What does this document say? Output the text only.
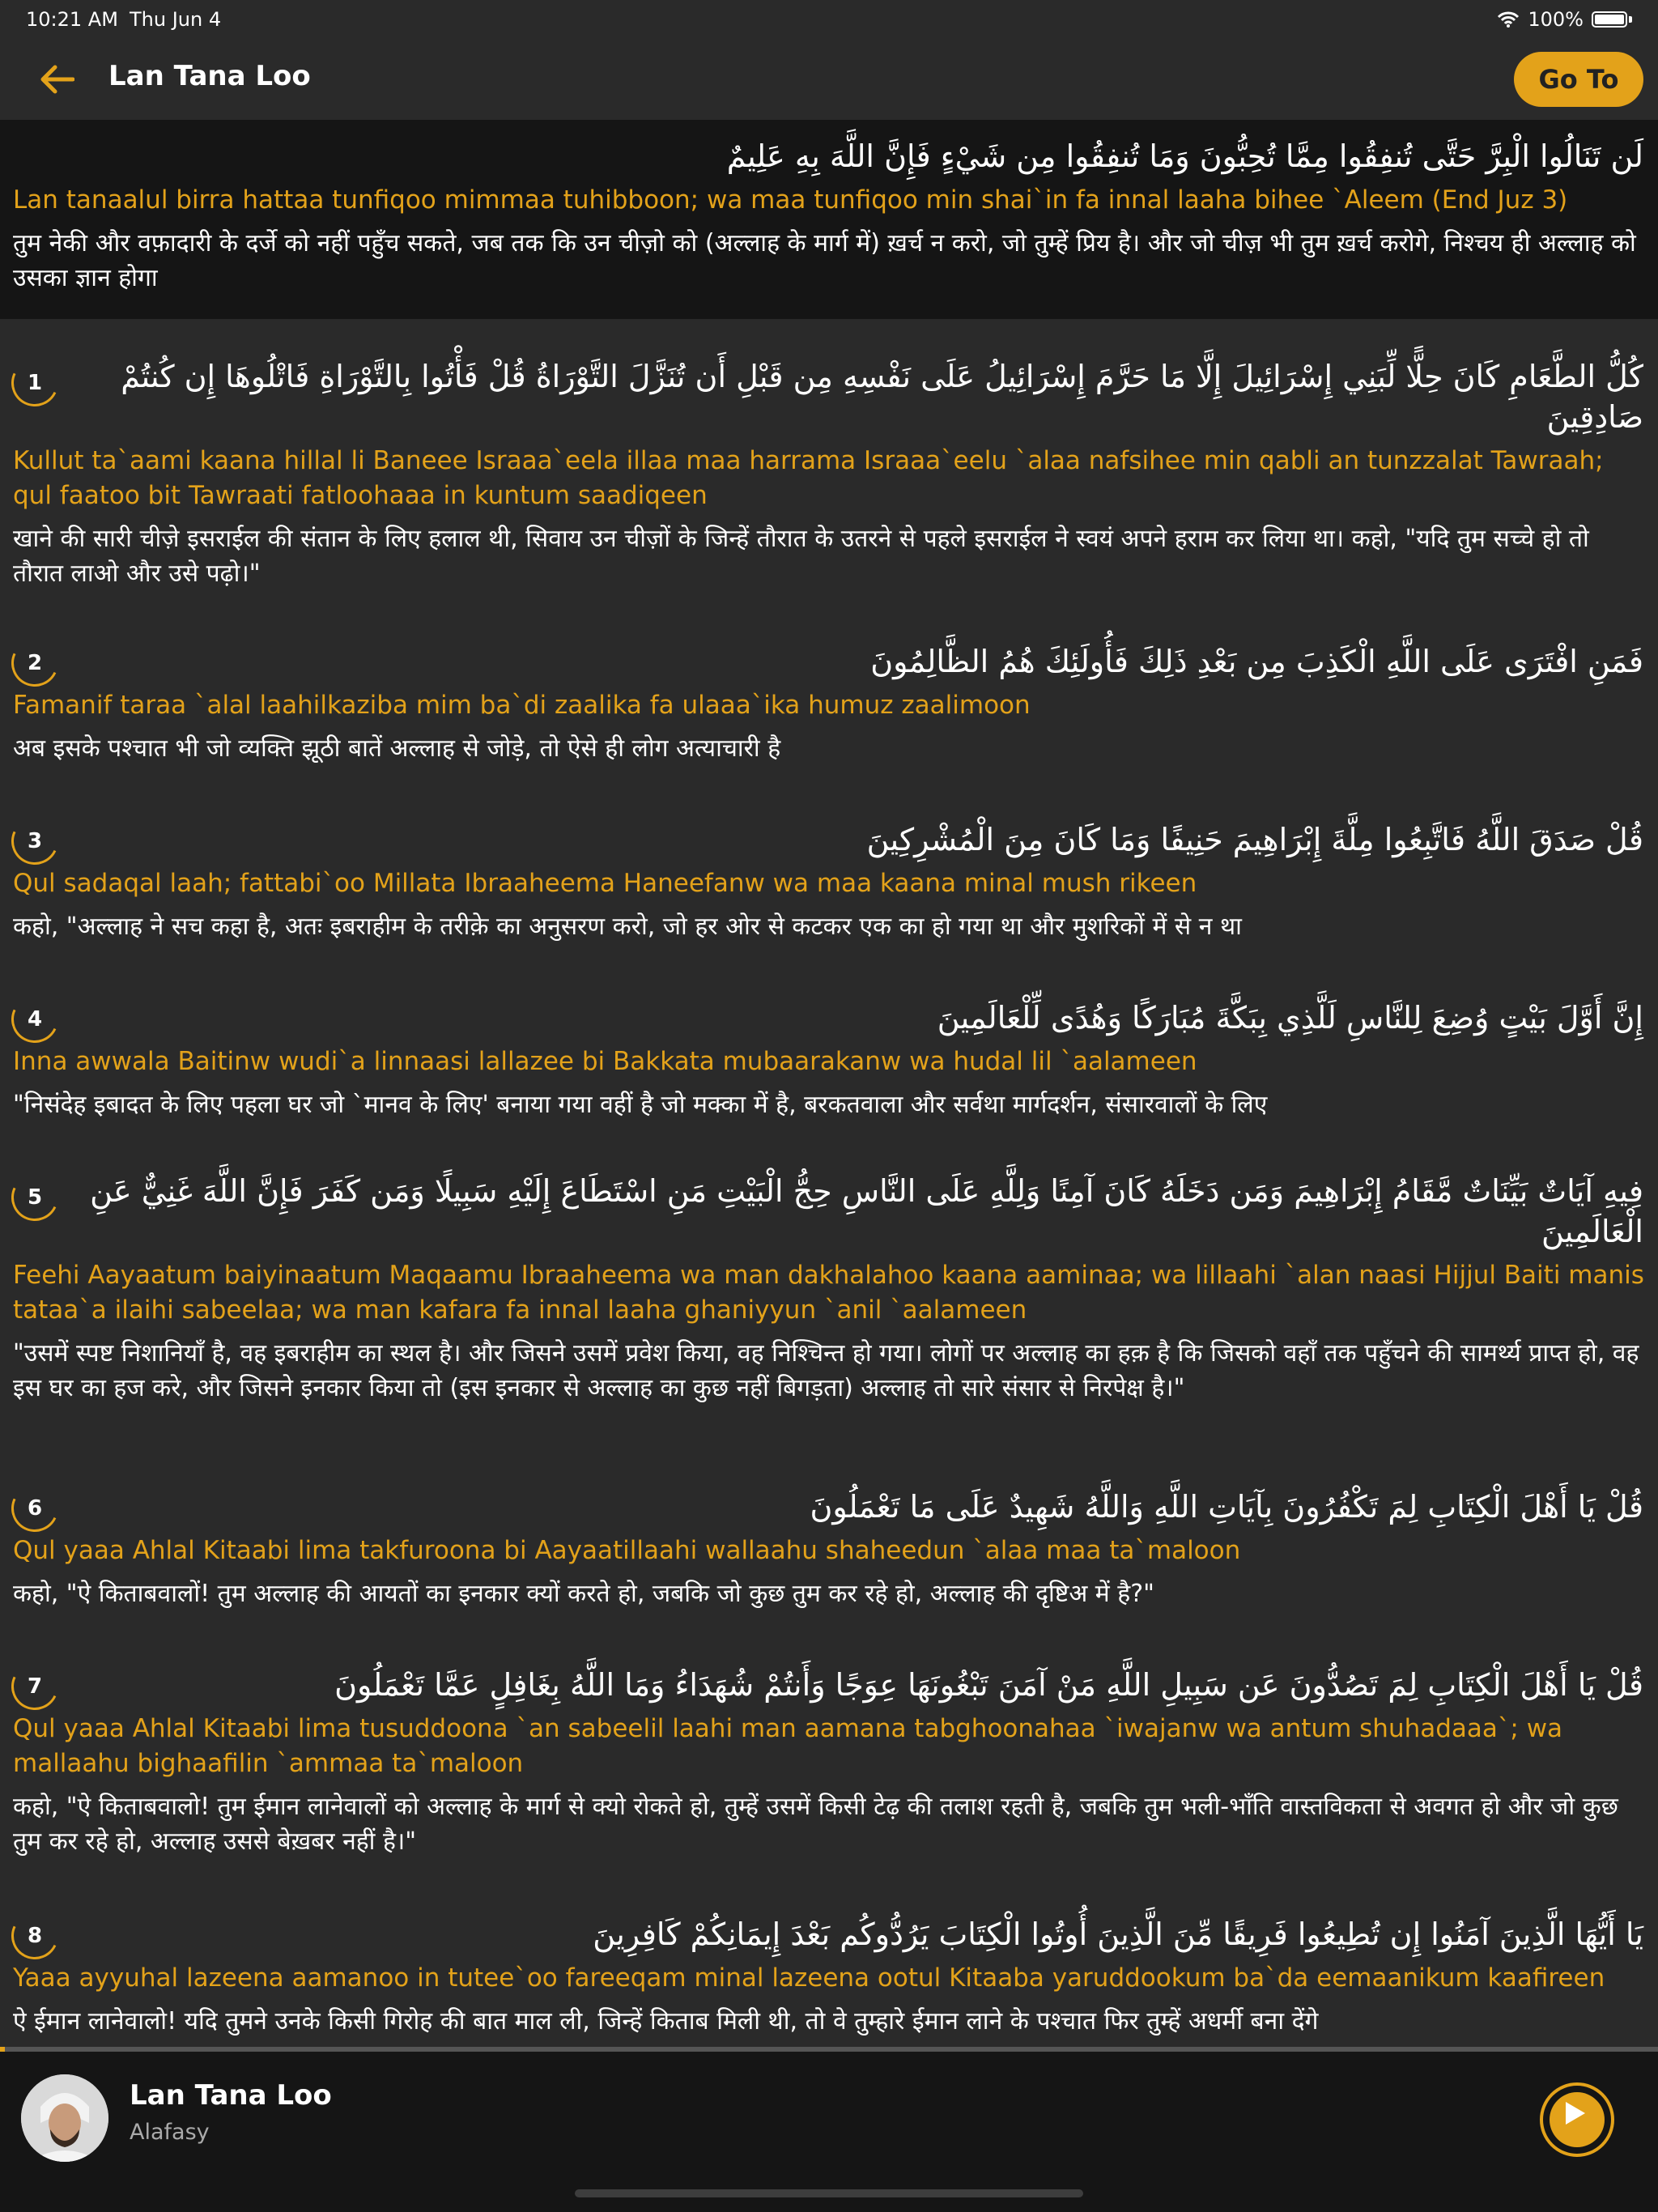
10:21 AM Thu Jun 4	100%
Lan Tana Loo	Go To
لَن تَنَالُوا الْبِرَّ حَتَّى تُنفِقُوا مِمَّا تُحِبُّونَ وَمَا تُنفِقُوا مِن شَيْءٍ فَإِنَّ اللَّهَ بِهِ عَلِيمٌ
Lan tanaalul birra hattaa tunfiqoo mimmaa tuhibboon; wa maa tunfiqoo min shai`in fa innal laaha bihee `Aleem (End Juz 3)
तुम नेकी और वफ़ादारी के दर्जे को नहीं पहुँच सकते, जब तक कि उन चीज़ो को (अल्लाह के मार्ग में) ख़र्च न करो, जो तुम्हें प्रिय है। और जो चीज़ भी तुम ख़र्च करोगे, निश्चय ही अल्लाह को उसका ज्ञान होगा
1	كُلُّ الطَّعَامِ كَانَ حِلًّا لِّبَنِي إِسْرَائِيلَ إِلَّا مَا حَرَّمَ إِسْرَائِيلُ عَلَى نَفْسِهِ مِن قَبْلِ أَن تُنَزَّلَ التَّوْرَاةُ قُلْ فَأْتُوا بِالتَّوْرَاةِ فَاتْلُوهَا إِن كُنتُمْ صَادِقِينَ
Kullut ta`aami kaana hillal li Baneee Israaa`eela illaa maa harrama Israaa`eelu `alaa nafsihee min qabli an tunzzalat Tawraah; qul faatoo bit Tawraati fatloohaaa in kuntum saadiqeen
खाने की सारी चीज़े इसराईल की संतान के लिए हलाल थी, सिवाय उन चीज़ों के जिन्हें तौरात के उतरने से पहले इसराईल ने स्वयं अपने हराम कर लिया था। कहो, "यदि तुम सच्चे हो तो तौरात लाओ और उसे पढ़ो।"
2	فَمَنِ افْتَرَى عَلَى اللَّهِ الْكَذِبَ مِن بَعْدِ ذَلِكَ فَأُولَئِكَ هُمُ الظَّالِمُونَ
Famanif taraa `alal laahilkaziba mim ba`di zaalika fa ulaaa`ika humuz zaalimoon
अब इसके पश्चात भी जो व्यक्ति झूठी बातें अल्लाह से जोड़े, तो ऐसे ही लोग अत्याचारी है
3	قُلْ صَدَقَ اللَّهُ فَاتَّبِعُوا مِلَّةَ إِبْرَاهِيمَ حَنِيفًا وَمَا كَانَ مِنَ الْمُشْرِكِينَ
Qul sadaqal laah; fattabi`oo Millata Ibraaheema Haneefanw wa maa kaana minal mush rikeen
कहो, "अल्लाह ने सच कहा है, अतः इबराहीम के तरीक़े का अनुसरण करो, जो हर ओर से कटकर एक का हो गया था और मुशरिकों में से न था
4	إِنَّ أَوَّلَ بَيْتٍ وُضِعَ لِلنَّاسِ لَلَّذِي بِبَكَّةَ مُبَارَكًا وَهُدًى لِّلْعَالَمِينَ
Inna awwala Baitinw wudi`a linnaasi lallazee bi Bakkata mubaarakanw wa hudal lil `aalameen
"निसंदेह इबादत के लिए पहला घर जो `मानव के लिए' बनाया गया वहीं है जो मक्का में है, बरकतवाला और सर्वथा मार्गदर्शन, संसारवालों के लिए
5	فِيهِ آيَاتٌ بَيِّنَاتٌ مَّقَامُ إِبْرَاهِيمَ وَمَن دَخَلَهُ كَانَ آمِنًا وَلِلَّهِ عَلَى النَّاسِ حِجُّ الْبَيْتِ مَنِ اسْتَطَاعَ إِلَيْهِ سَبِيلًا وَمَن كَفَرَ فَإِنَّ اللَّهَ غَنِيٌّ عَنِ الْعَالَمِينَ
Feehi Aayaatum baiyinaatum Maqaamu Ibraaheema wa man dakhalahoo kaana aaminaa; wa lillaahi `alan naasi Hijjul Baiti manis tataa`a ilaihi sabeelaa; wa man kafara fa innal laaha ghaniyyun `anil `aalameen
"उसमें स्पष्ट निशानियाँ है, वह इबराहीम का स्थल है। और जिसने उसमें प्रवेश किया, वह निश्चिन्त हो गया। लोगों पर अल्लाह का हक़ है कि जिसको वहाँ तक पहुँचने की सामर्थ्य प्राप्त हो, वह इस घर का हज करे, और जिसने इनकार किया तो (इस इनकार से अल्लाह का कुछ नहीं बिगड़ता) अल्लाह तो सारे संसार से निरपेक्ष है।"
6	قُلْ يَا أَهْلَ الْكِتَابِ لِمَ تَكْفُرُونَ بِآيَاتِ اللَّهِ وَاللَّهُ شَهِيدٌ عَلَى مَا تَعْمَلُونَ
Qul yaaa Ahlal Kitaabi lima takfuroona bi Aayaatillaahi wallaahu shaheedun `alaa maa ta`maloon
कहो, "ऐ किताबवालों! तुम अल्लाह की आयतों का इनकार क्यों करते हो, जबकि जो कुछ तुम कर रहे हो, अल्लाह की दृष्टिअ में है?"
7	قُلْ يَا أَهْلَ الْكِتَابِ لِمَ تَصُدُّونَ عَن سَبِيلِ اللَّهِ مَنْ آمَنَ تَبْغُونَهَا عِوَجًا وَأَنتُمْ شُهَدَاءُ وَمَا اللَّهُ بِغَافِلٍ عَمَّا تَعْمَلُونَ
Qul yaaa Ahlal Kitaabi lima tusuddoona `an sabeelil laahi man aamana tabghoonahaa `iwajanw wa antum shuhadaaa`; wa mallaahu bighaafilin `ammaa ta`maloon
कहो, "ऐ किताबवालो! तुम ईमान लानेवालों को अल्लाह के मार्ग से क्यो रोकते हो, तुम्हें उसमें किसी टेढ़ की तलाश रहती है, जबकि तुम भली-भाँति वास्तविकता से अवगत हो और जो कुछ तुम कर रहे हो, अल्लाह उससे बेख़बर नहीं है।"
8	يَا أَيُّهَا الَّذِينَ آمَنُوا إِن تُطِيعُوا فَرِيقًا مِّنَ الَّذِينَ أُوتُوا الْكِتَابَ يَرُدُّوكُم بَعْدَ إِيمَانِكُمْ كَافِرِينَ
Yaaa ayyuhal lazeena aamanoo in tutee`oo fareeqam minal lazeena ootul Kitaaba yaruddookum ba`da eemaanikum kaafireen
ऐ ईमान लानेवालो! यदि तुमने उनके किसी गिरोह की बात माल ली, जिन्हें किताब मिली थी, तो वे तुम्हारे ईमान लाने के पश्चात फिर तुम्हें अधर्मी बना देंगे
Lan Tana Loo
Alafasy
